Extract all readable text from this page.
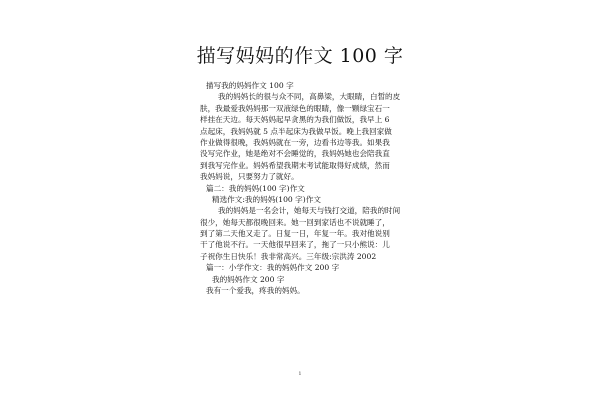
描写妈妈的作文 100 字
描写我的妈妈作文 100 字
我的妈妈长的很与众不同，高鼻梁，大眼睛，白皙的皮
肤，我最爱我妈妈那一双液绿色的眼睛，像一颗绿宝石一
样挂在天边。每天妈妈起早贪黑的为我们做饭，我早上 6
点起床，我妈妈就 5 点半起床为我做早饭。晚上我回家做
作业做得很晚，我妈妈就在一旁，边看书边等我。如果我
没写完作业，她是绝对不会睡觉的，我妈妈她也会陪我直
到我写完作业。妈妈希望我期末考试能取得好成绩，然而
我妈妈说，只要努力了就好。
篇二：我的妈妈(100 字)作文
精选作文:我的妈妈(100 字)作文
我的妈妈是一名会计，她每天与钱打交道，陪我的时间
很少，她每天都很晚回来。她一回到家话也不说就睡了，
到了第二天他又走了。日复一日，年复一年。我对他说别
干了他说不行。一天他很早回来了，拖了一只小熊说：儿
子祝你生日快乐！我非常高兴。三年级:宗洪涛 2002
篇一：小学作文：我的妈妈作文 200 字
我的妈妈作文 200 字
我有一个爱我，疼我的妈妈。
1
